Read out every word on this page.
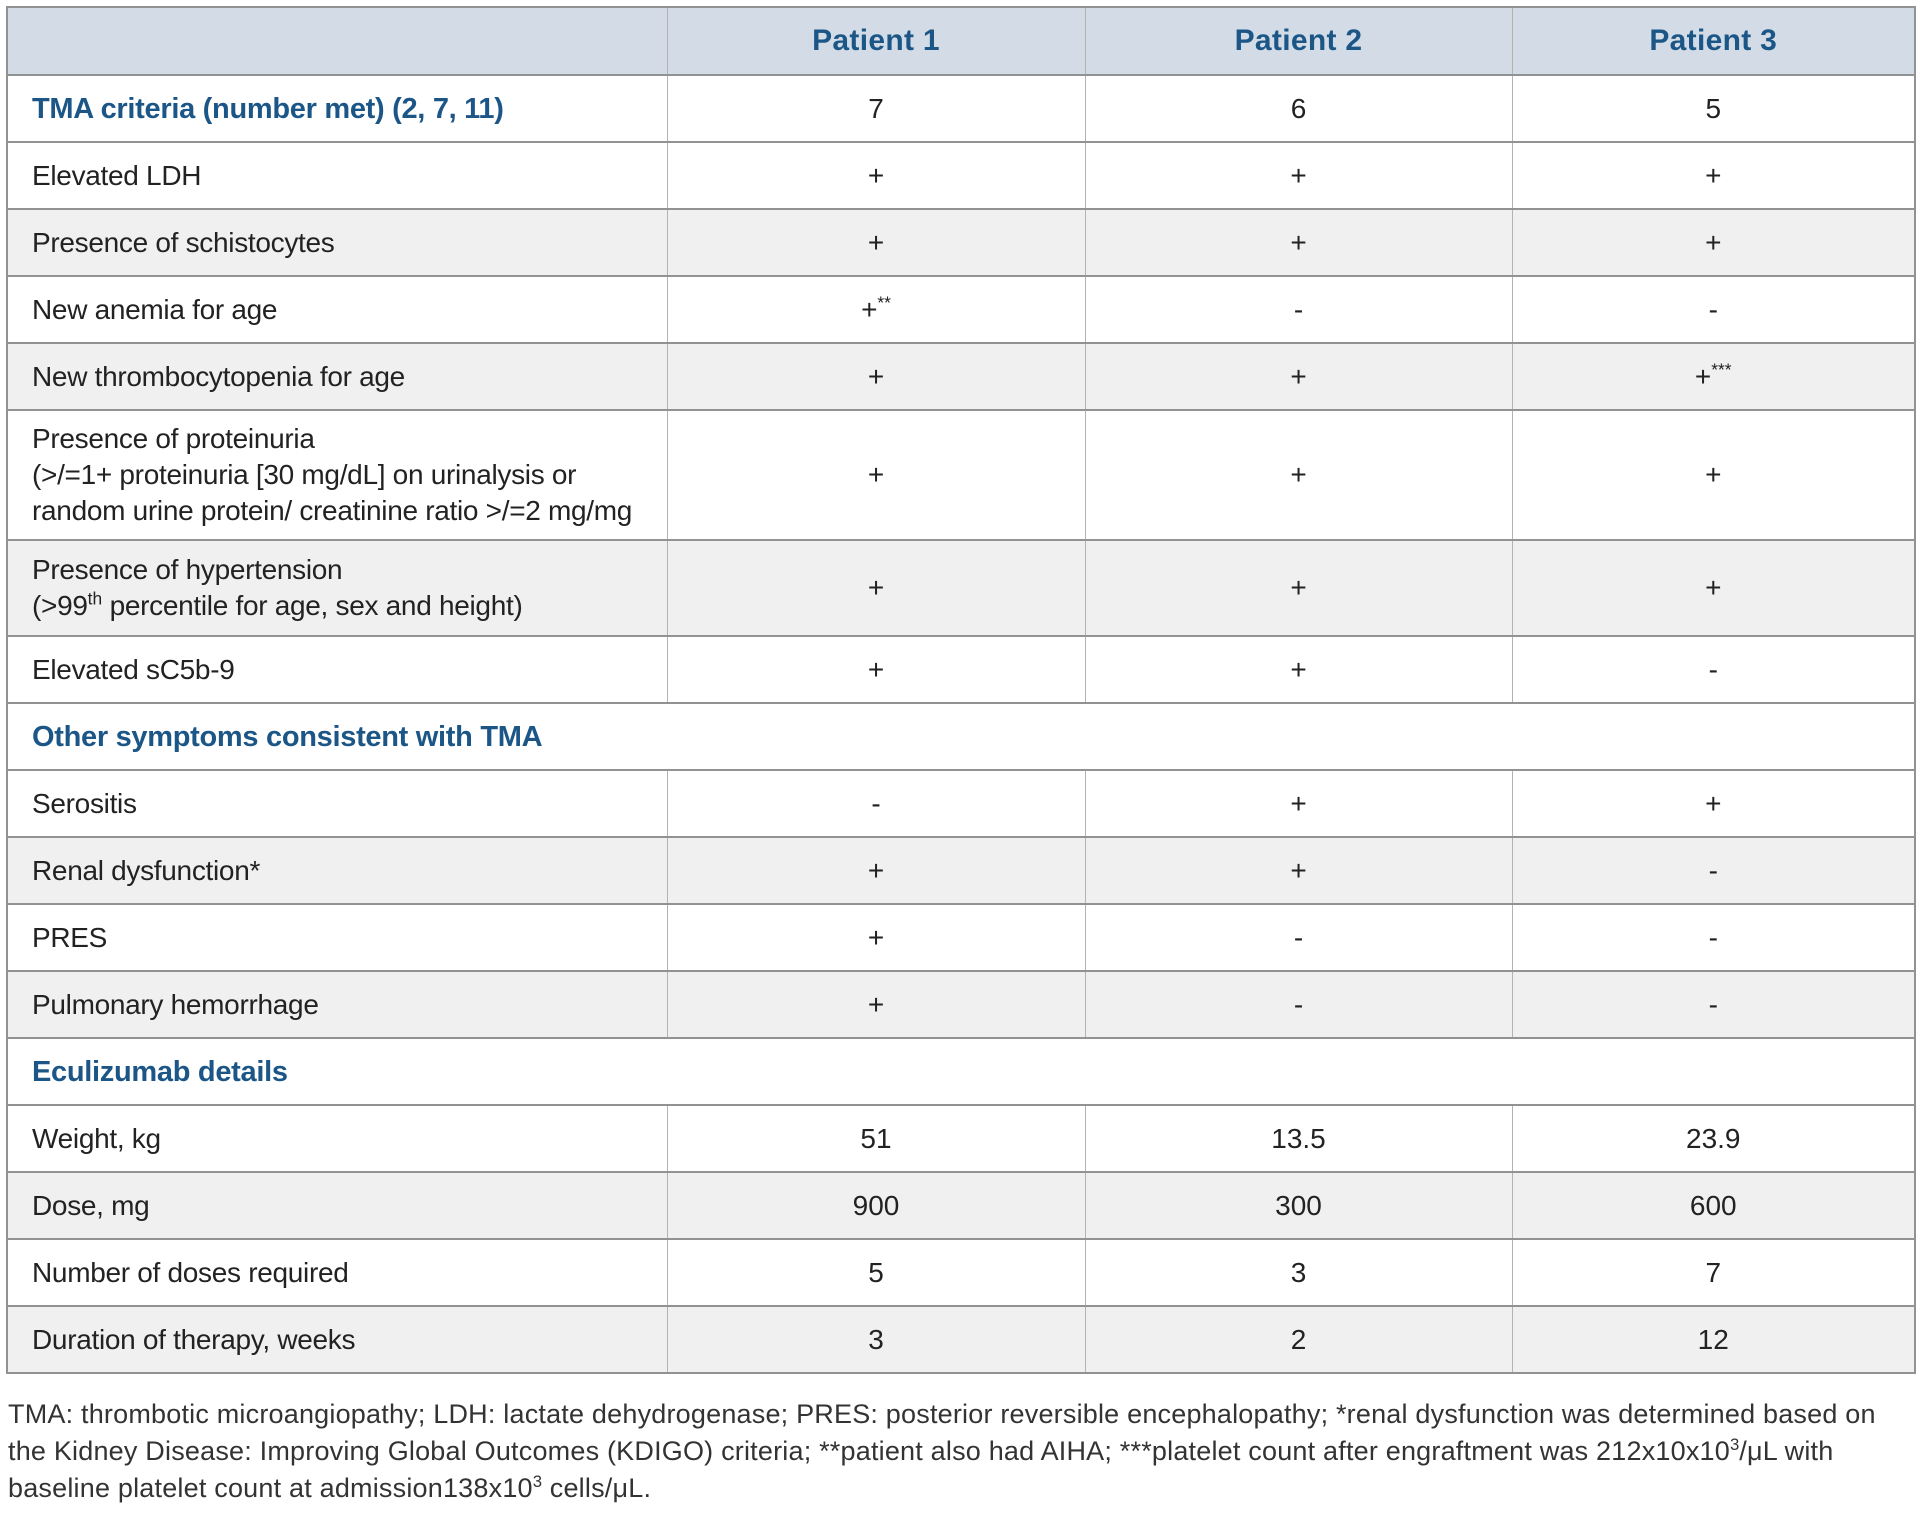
	Patient 1	Patient 2	Patient 3
TMA criteria (number met) (2, 7, 11)	7	6	5
Elevated LDH	+	+	+
Presence of schistocytes	+	+	+
New anemia for age	+**	-	-
New thrombocytopenia for age	+	+	+***
Presence of proteinuria
(>/=1+ proteinuria [30 mg/dL] on urinalysis or random urine protein/ creatinine ratio >/=2 mg/mg	+	+	+
Presence of hypertension
(>99th percentile for age, sex and height)	+	+	+
Elevated sC5b-9	+	+	-
Other symptoms consistent with TMA			
Serositis	-	+	+
Renal dysfunction*	+	+	-
PRES	+	-	-
Pulmonary hemorrhage	+	-	-
Eculizumab details			
Weight, kg	51	13.5	23.9
Dose, mg	900	300	600
Number of doses required	5	3	7
Duration of therapy, weeks	3	2	12
TMA: thrombotic microangiopathy; LDH: lactate dehydrogenase; PRES: posterior reversible encephalopathy; *renal dysfunction was determined based on the Kidney Disease: Improving Global Outcomes (KDIGO) criteria; **patient also had AIHA; ***platelet count after engraftment was $212x10x10^3/\mu L$ with baseline platelet count at $admission138x10^3$ cells/μL.
